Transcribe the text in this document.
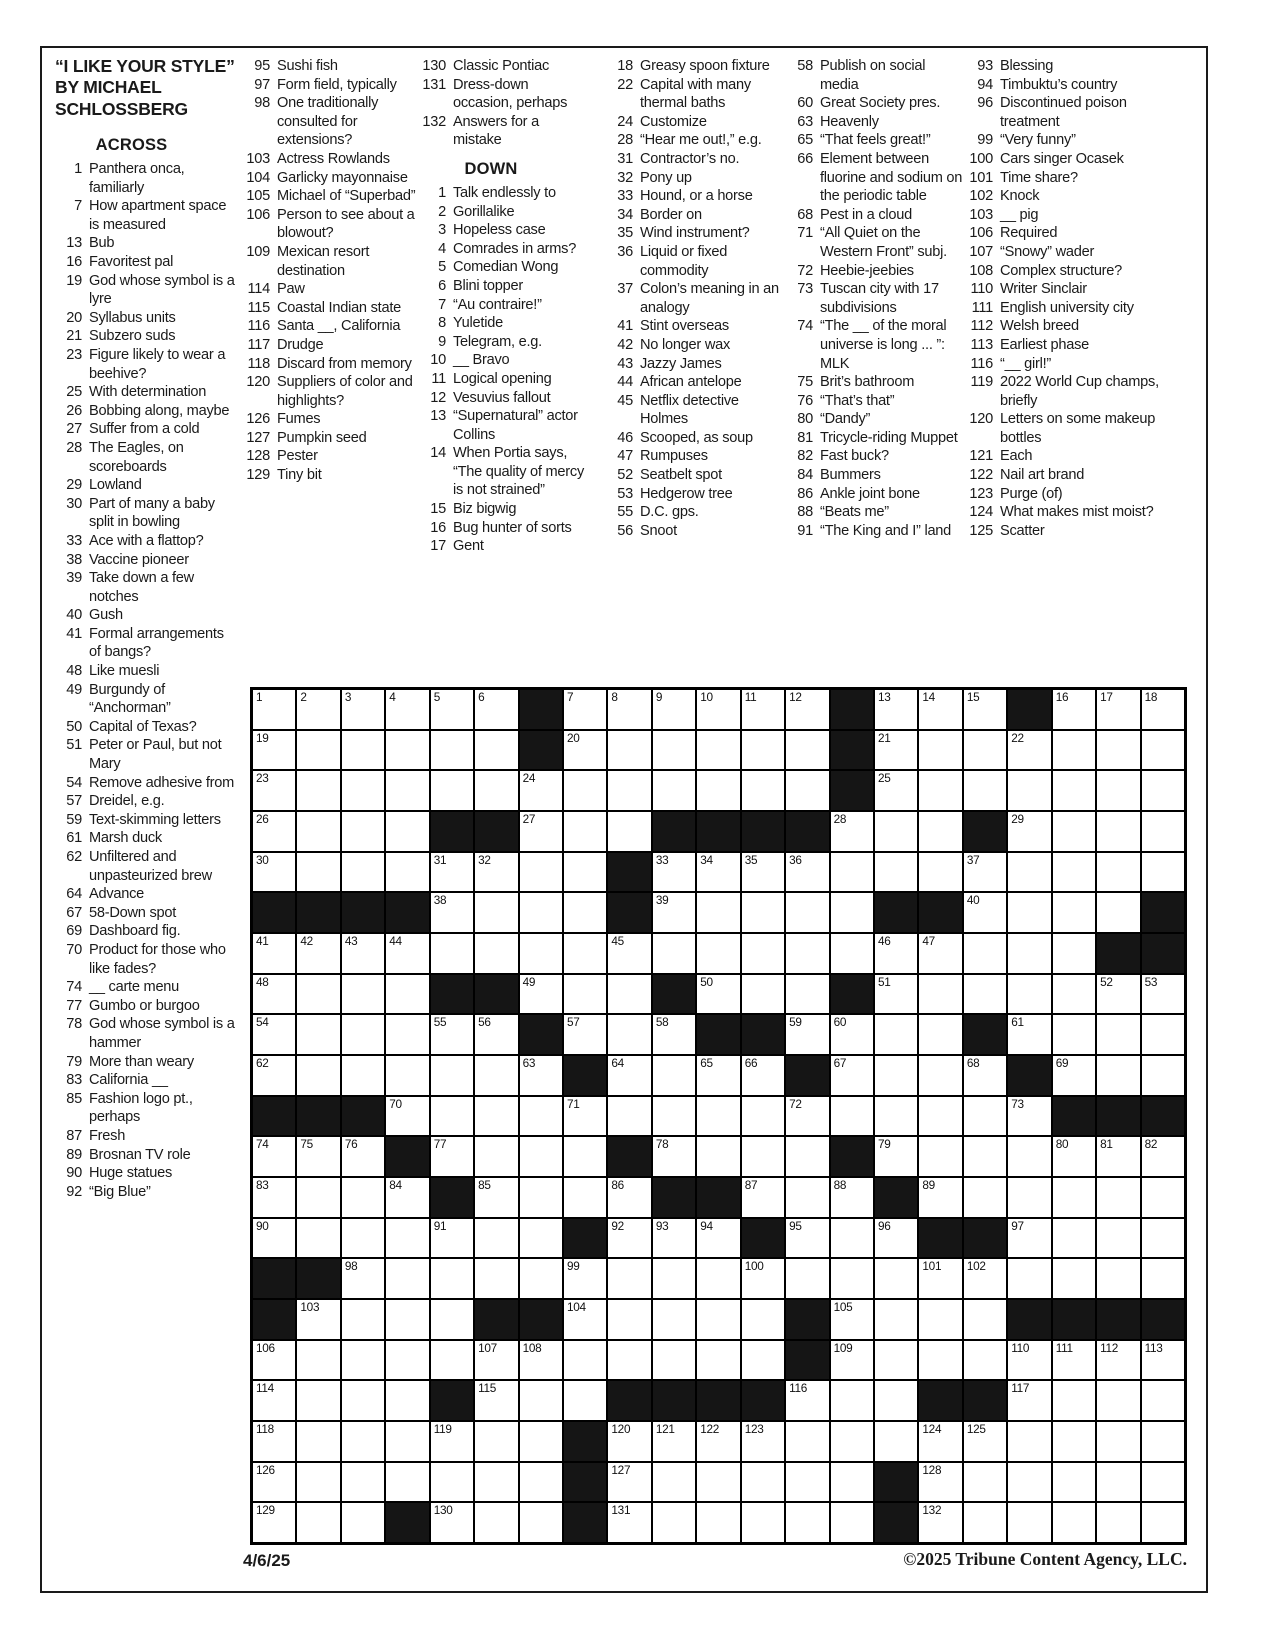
“I LIKE YOUR STYLE” BY MICHAEL SCHLOSSBERG
ACROSS
1 Panthera onca, familiarly
7 How apartment space is measured
13 Bub
16 Favoritest pal
19 God whose symbol is a lyre
20 Syllabus units
21 Subzero suds
23 Figure likely to wear a beehive?
25 With determination
26 Bobbing along, maybe
27 Suffer from a cold
28 The Eagles, on scoreboards
29 Lowland
30 Part of many a baby split in bowling
33 Ace with a flattop?
38 Vaccine pioneer
39 Take down a few notches
40 Gush
41 Formal arrangements of bangs?
48 Like muesli
49 Burgundy of “Anchorman”
50 Capital of Texas?
51 Peter or Paul, but not Mary
54 Remove adhesive from
57 Dreidel, e.g.
59 Text-skimming letters
61 Marsh duck
62 Unfiltered and unpasteurized brew
64 Advance
67 58-Down spot
69 Dashboard fig.
70 Product for those who like fades?
74 __ carte menu
77 Gumbo or burgoo
78 God whose symbol is a hammer
79 More than weary
83 California __
85 Fashion logo pt., perhaps
87 Fresh
89 Brosnan TV role
90 Huge statues
92 “Big Blue”
95 Sushi fish
97 Form field, typically
98 One traditionally consulted for extensions?
103 Actress Rowlands
104 Garlicky mayonnaise
105 Michael of “Superbad”
106 Person to see about a blowout?
109 Mexican resort destination
114 Paw
115 Coastal Indian state
116 Santa __, California
117 Drudge
118 Discard from memory
120 Suppliers of color and highlights?
126 Fumes
127 Pumpkin seed
128 Pester
129 Tiny bit
130 Classic Pontiac
131 Dress-down occasion, perhaps
132 Answers for a mistake
DOWN
1 Talk endlessly to
2 Gorillalike
3 Hopeless case
4 Comrades in arms?
5 Comedian Wong
6 Blini topper
7 “Au contraire!”
8 Yuletide
9 Telegram, e.g.
10 __ Bravo
11 Logical opening
12 Vesuvius fallout
13 “Supernatural” actor Collins
14 When Portia says, “The quality of mercy is not strained”
15 Biz bigwig
16 Bug hunter of sorts
17 Gent
18 Greasy spoon fixture
22 Capital with many thermal baths
24 Customize
28 “Hear me out!,” e.g.
31 Contractor’s no.
32 Pony up
33 Hound, or a horse
34 Border on
35 Wind instrument?
36 Liquid or fixed commodity
37 Colon’s meaning in an analogy
41 Stint overseas
42 No longer wax
43 Jazzy James
44 African antelope
45 Netflix detective Holmes
46 Scooped, as soup
47 Rumpuses
52 Seatbelt spot
53 Hedgerow tree
55 D.C. gps.
56 Snoot
58 Publish on social media
60 Great Society pres.
63 Heavenly
65 “That feels great!”
66 Element between fluorine and sodium on the periodic table
68 Pest in a cloud
71 “All Quiet on the Western Front” subj.
72 Heebie-jeebies
73 Tuscan city with 17 subdivisions
74 “The __ of the moral universe is long ... ”: MLK
75 Brit’s bathroom
76 “That’s that”
80 “Dandy”
81 Tricycle-riding Muppet
82 Fast buck?
84 Bummers
86 Ankle joint bone
88 “Beats me”
91 “The King and I” land
93 Blessing
94 Timbuktu’s country
96 Discontinued poison treatment
99 “Very funny”
100 Cars singer Ocasek
101 Time share?
102 Knock
103 __ pig
106 Required
107 “Snowy” wader
108 Complex structure?
110 Writer Sinclair
111 English university city
112 Welsh breed
113 Earliest phase
116 “__ girl!”
119 2022 World Cup champs, briefly
120 Letters on some makeup bottles
121 Each
122 Nail art brand
123 Purge (of)
124 What makes mist moist?
125 Scatter
1	2	3	4	5	6	7	8	9	10	11	12	13	14	15	16	17	18
19	20	21	22
23	24	25
26	27	28	29
30	31	32	33	34	35	36	37
38	39	40
41	42	43	44	45	46	47
48	49	50	51	52	53
54	55	56	57	58	59	60	61
62	63	64	65	66	67	68	69
70	71	72	73
74	75	76	77	78	79	80	81	82
83	84	85	86	87	88	89
90	91	92	93	94	95	96	97
98	99	100	101 102
103	104	105
106	107 108	109	110 111 112 113
114	115	116	117
118	119	120 121 122 123	124 125
126	127	128
129	130	131	132
4/6/25	©2025 Tribune Content Agency, LLC.
